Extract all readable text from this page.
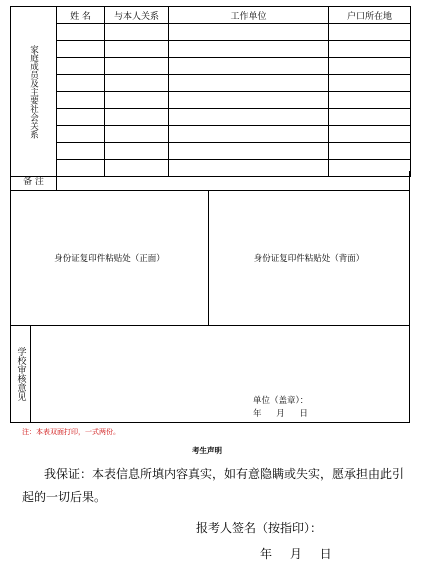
家庭成员及主要社会关系	姓 名	与本人关系	工作单位	户口所在地

备 注
身份证复印件粘贴处（正面）	身份证复印件粘贴处（背面）
学校审核意见	单位（盖章）：
年 月 日
注：本表双面打印，一式两份。
考生声明
我保证：本表信息所填内容真实，如有意隐瞒或失实，愿承担由此引
起的一切后果。
报考人签名（按指印）：
年 月 日
